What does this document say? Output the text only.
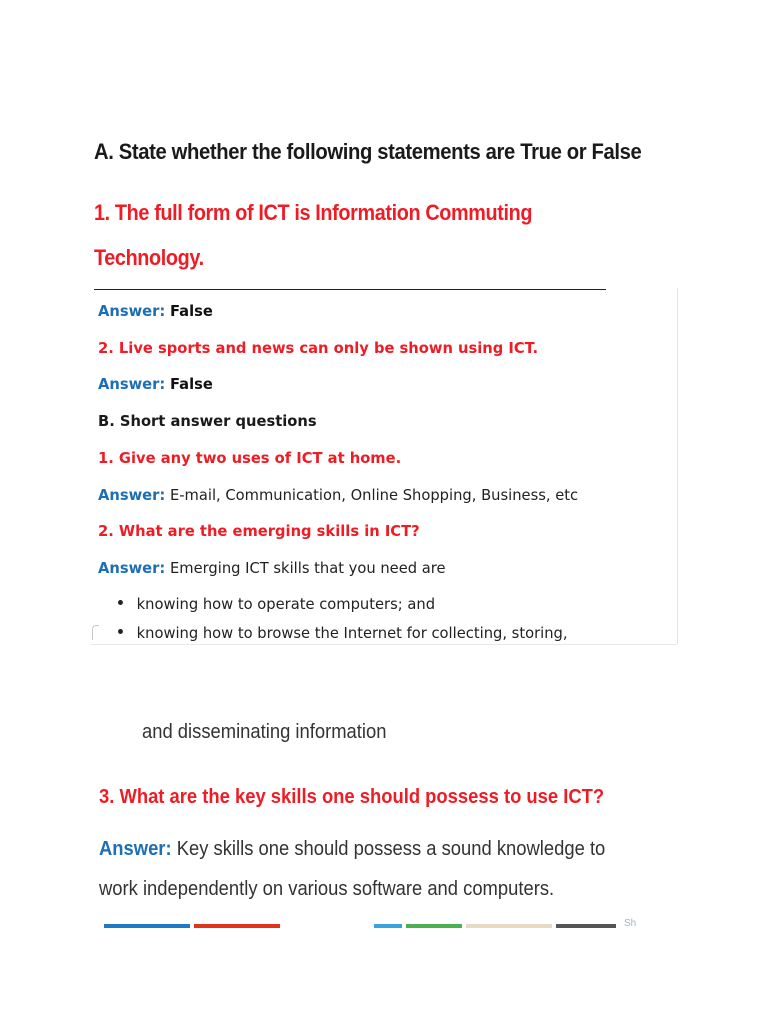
A. State whether the following statements are True or False

1. The full form of ICT is Information Commuting

Technology.

Answer: False

2. Live sports and news can only be shown using ICT.

Answer: False

B. Short answer questions

1. Give any two uses of ICT at home.

Answer: E-mail, Communication, Online Shopping, Business, etc

2. What are the emerging skills in ICT?

Answer: Emerging ICT skills that you need are

knowing how to operate computers; and

knowing how to browse the Internet for collecting, storing,

and disseminating information

3. What are the key skills one should possess to use ICT?

Answer: Key skills one should possess a sound knowledge to

work independently on various software and computers.

Sh
